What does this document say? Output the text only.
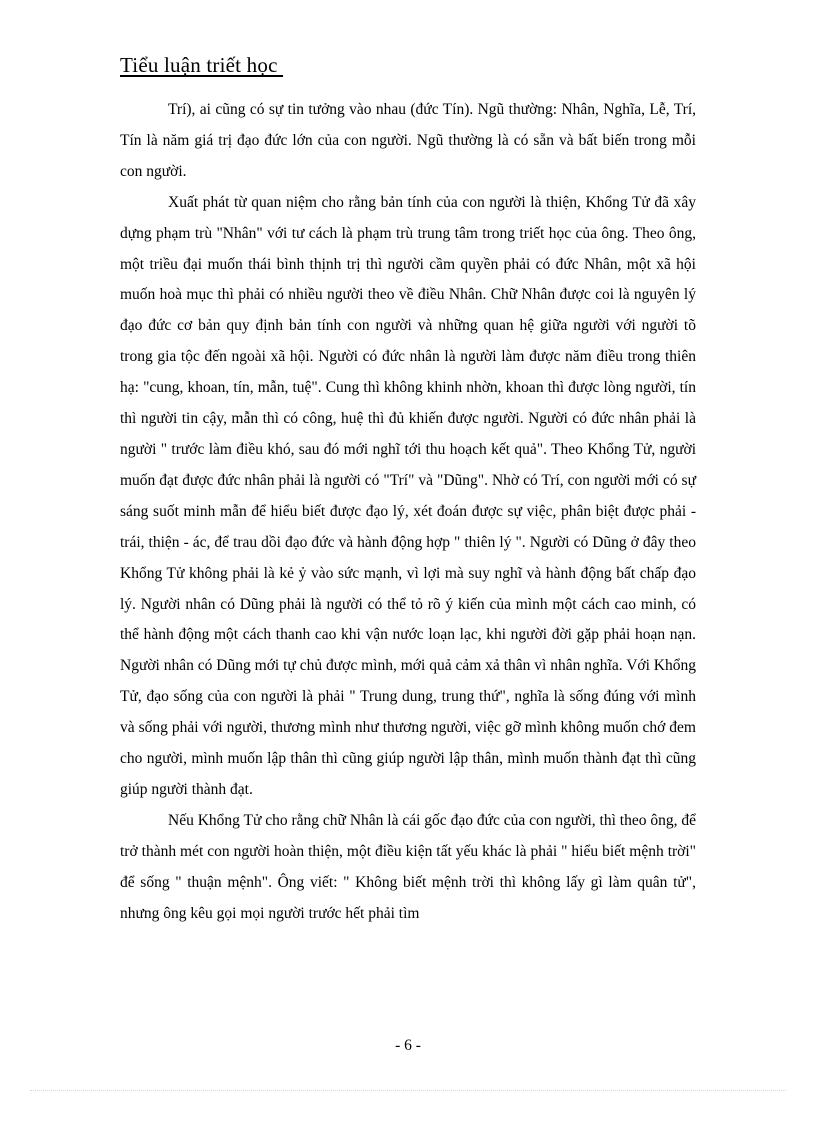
Tiểu luận triết học

Trí), ai cũng có sự tin tưởng vào nhau (đức Tín). Ngũ thường: Nhân, Nghĩa, Lễ, Trí, Tín là năm giá trị đạo đức lớn của con người. Ngũ thường là có sẵn và bất biến trong mỗi con người.

Xuất phát từ quan niệm cho rằng bản tính của con người là thiện, Khổng Tử đã xây dựng phạm trù "Nhân" với tư cách là phạm trù trung tâm trong triết học của ông. Theo ông, một triều đại muốn thái bình thịnh trị thì người cầm quyền phải có đức Nhân, một xã hội muốn hoà mục thì phải có nhiều người theo về điều Nhân. Chữ Nhân được coi là nguyên lý đạo đức cơ bản quy định bản tính con người và những quan hệ giữa người với người tõ trong gia tộc đến ngoài xã hội. Người có đức nhân là người làm được năm điều trong thiên hạ: "cung, khoan, tín, mẫn, tuệ". Cung thì không khinh nhờn, khoan thì được lòng người, tín thì người tin cậy, mẫn thì có công, huệ thì đủ khiến được người. Người có đức nhân phải là người " trước làm điều khó, sau đó mới nghĩ tới thu hoạch kết quả". Theo Khổng Tử, người muốn đạt được đức nhân phải là người có "Trí" và "Dũng". Nhờ có Trí, con người mới có sự sáng suốt minh mẫn để hiểu biết được đạo lý, xét đoán được sự việc, phân biệt được phải - trái, thiện - ác, để trau dồi đạo đức và hành động hợp " thiên lý ". Người có Dũng ở đây theo Khổng Tử không phải là kẻ ỷ vào sức mạnh, vì lợi mà suy nghĩ và hành động bất chấp đạo lý. Người nhân có Dũng phải là người có thể tỏ rõ ý kiến của mình một cách cao minh, có thể hành động một cách thanh cao khi vận nước loạn lạc, khi người đời gặp phải hoạn nạn. Người nhân có Dũng mới tự chủ được mình, mới quả cảm xả thân vì nhân nghĩa. Với Khổng Tử, đạo sống của con người là phải " Trung dung, trung thứ", nghĩa là sống đúng với mình và sống phải với người, thương mình như thương người, việc gỡ mình không muốn chớ đem cho người, mình muốn lập thân thì cũng giúp người lập thân, mình muốn thành đạt thì cũng giúp người thành đạt.

Nếu Khổng Tử cho rằng chữ Nhân là cái gốc đạo đức của con người, thì theo ông, để trở thành mét con người hoàn thiện, một điều kiện tất yếu khác là phải " hiểu biết mệnh trời" để sống " thuận mệnh". Ông viết: " Không biết mệnh trời thì không lấy gì làm quân tử", nhưng ông kêu gọi mọi người trước hết phải tìm

- 6 -
